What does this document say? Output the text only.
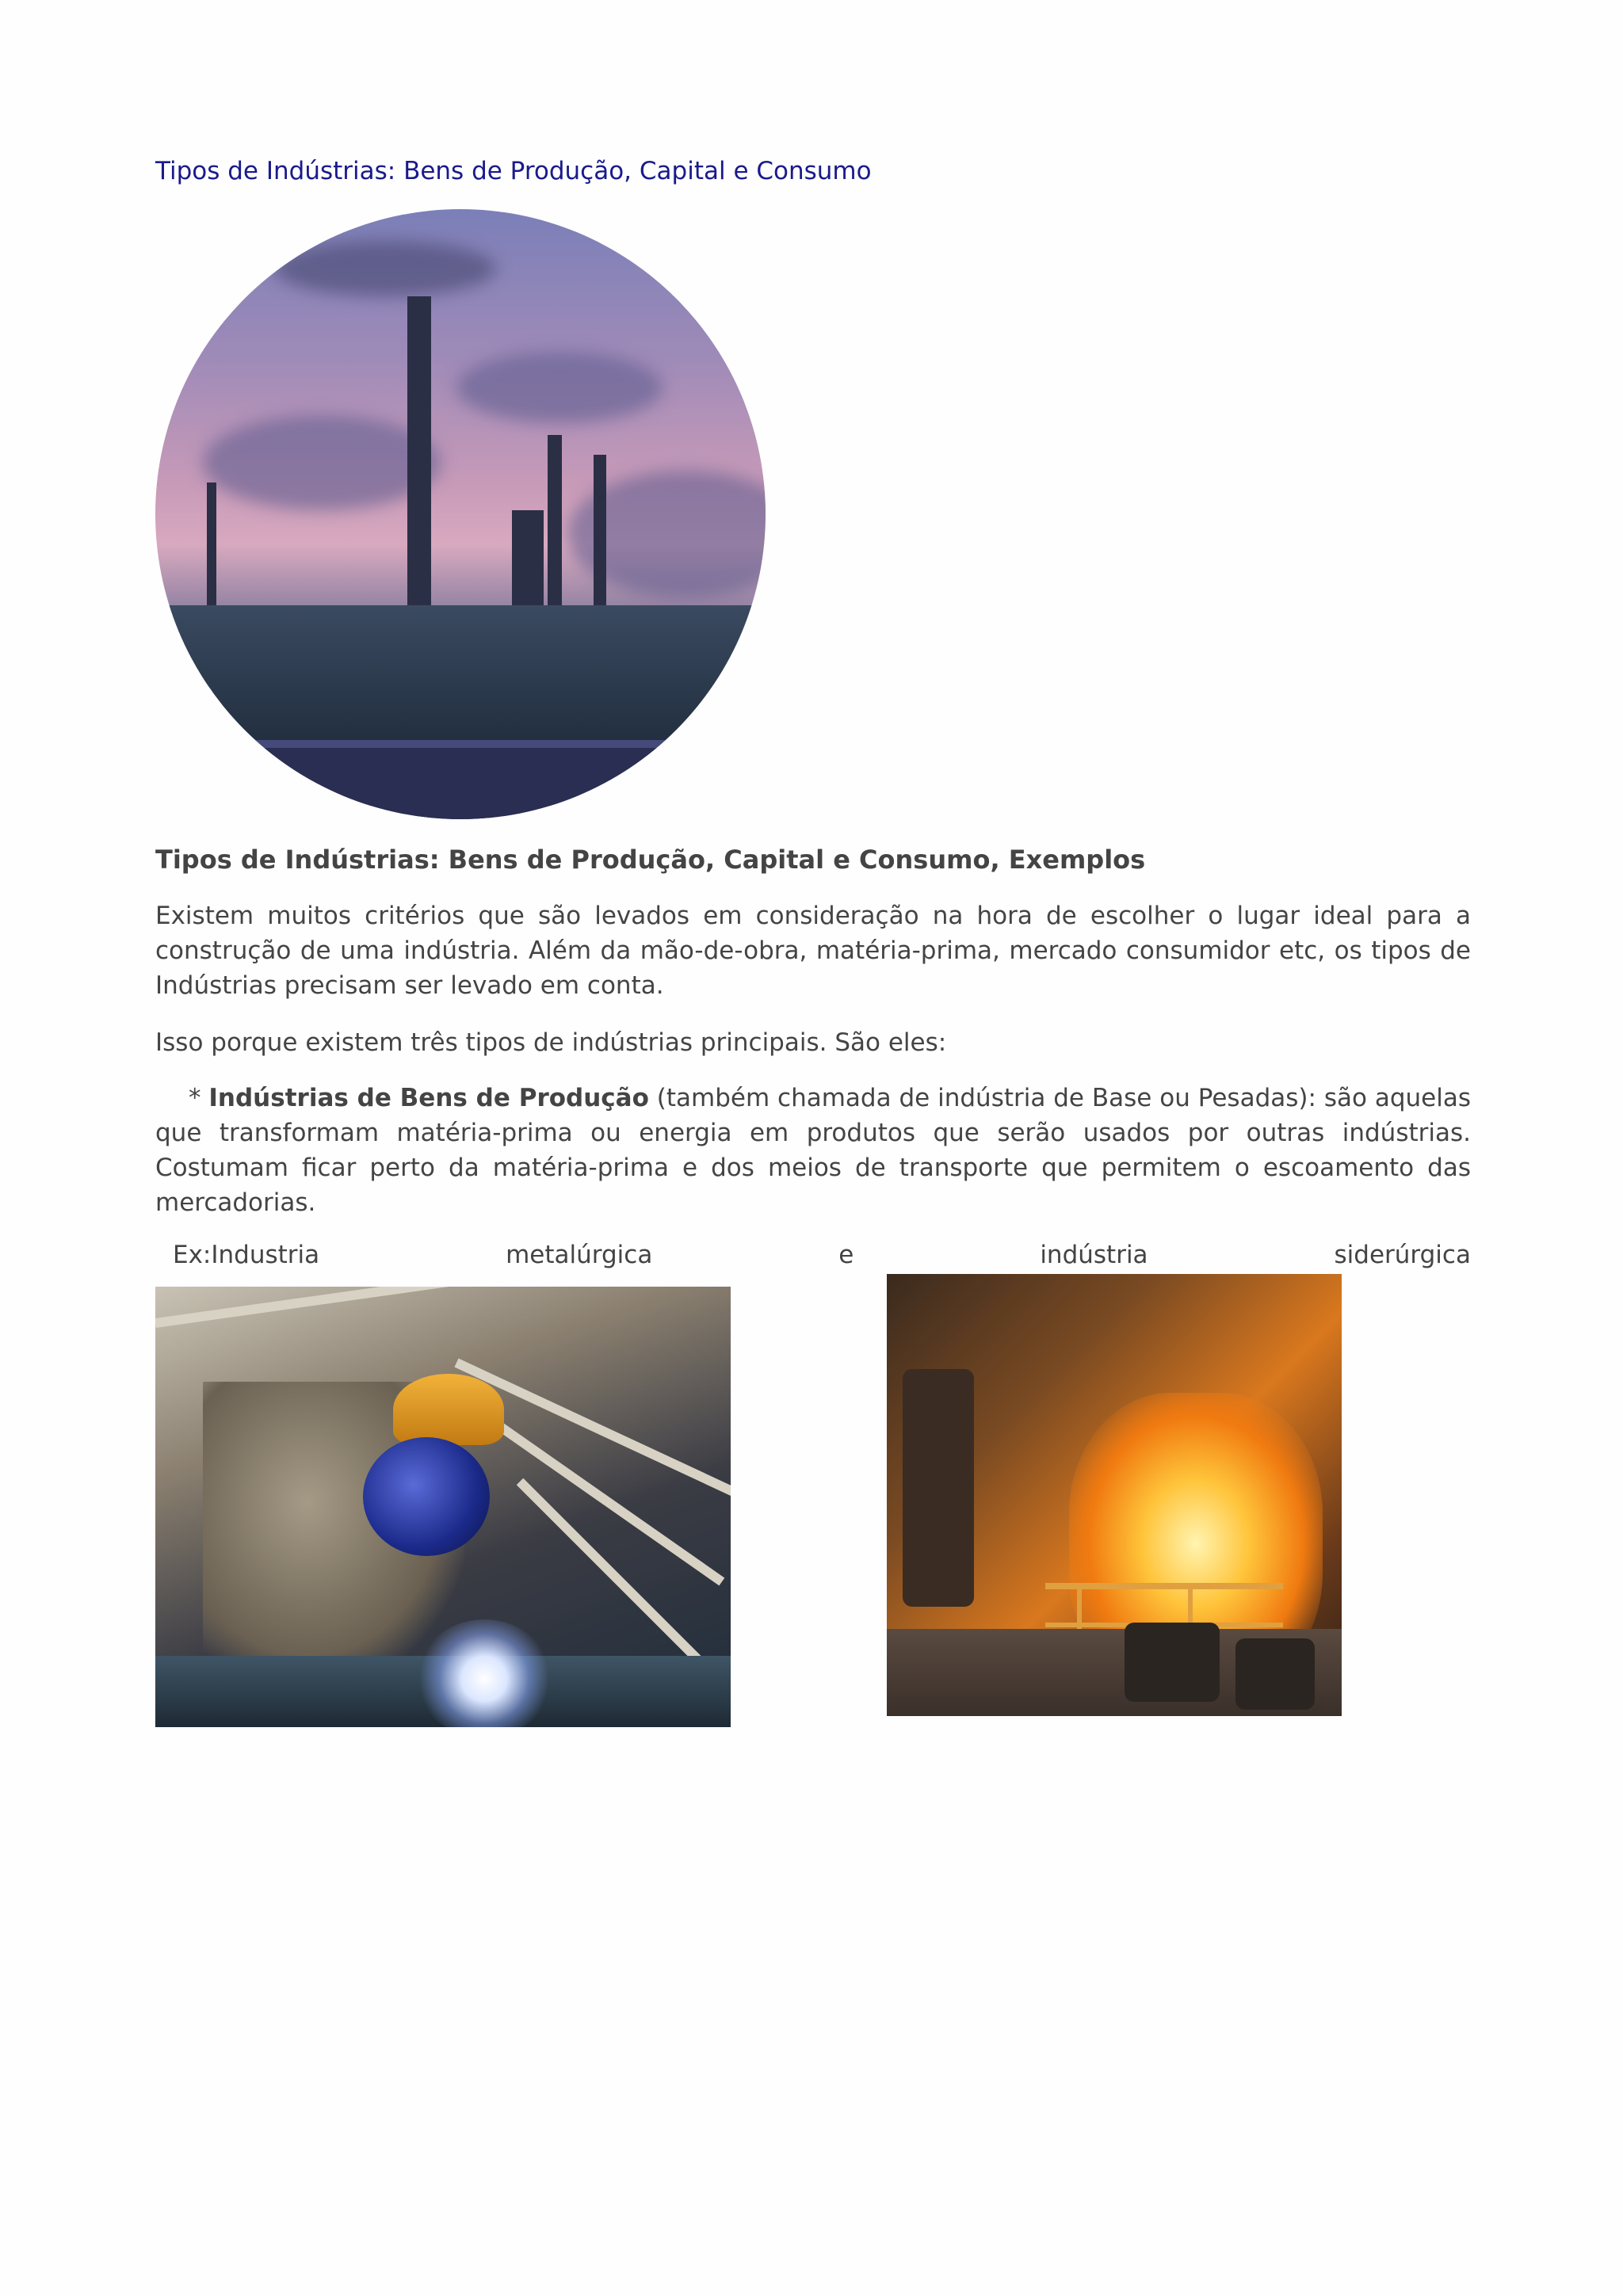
Tipos de Indústrias: Bens de Produção, Capital e Consumo
Tipos de Indústrias: Bens de Produção, Capital e Consumo, Exemplos

Existem muitos critérios que são levados em consideração na hora de escolher o lugar ideal para a construção de uma indústria. Além da mão-de-obra, matéria-prima, mercado consumidor etc, os tipos de Indústrias precisam ser levado em conta.

Isso porque existem três tipos de indústrias principais. São eles:

* Indústrias de Bens de Produção (também chamada de indústria de Base ou Pesadas): são aquelas que transformam matéria-prima ou energia em produtos que serão usados por outras indústrias. Costumam ficar perto da matéria-prima e dos meios de transporte que permitem o escoamento das mercadorias.

Ex:Industria	metalúrgica	e	indústria	siderúrgica
